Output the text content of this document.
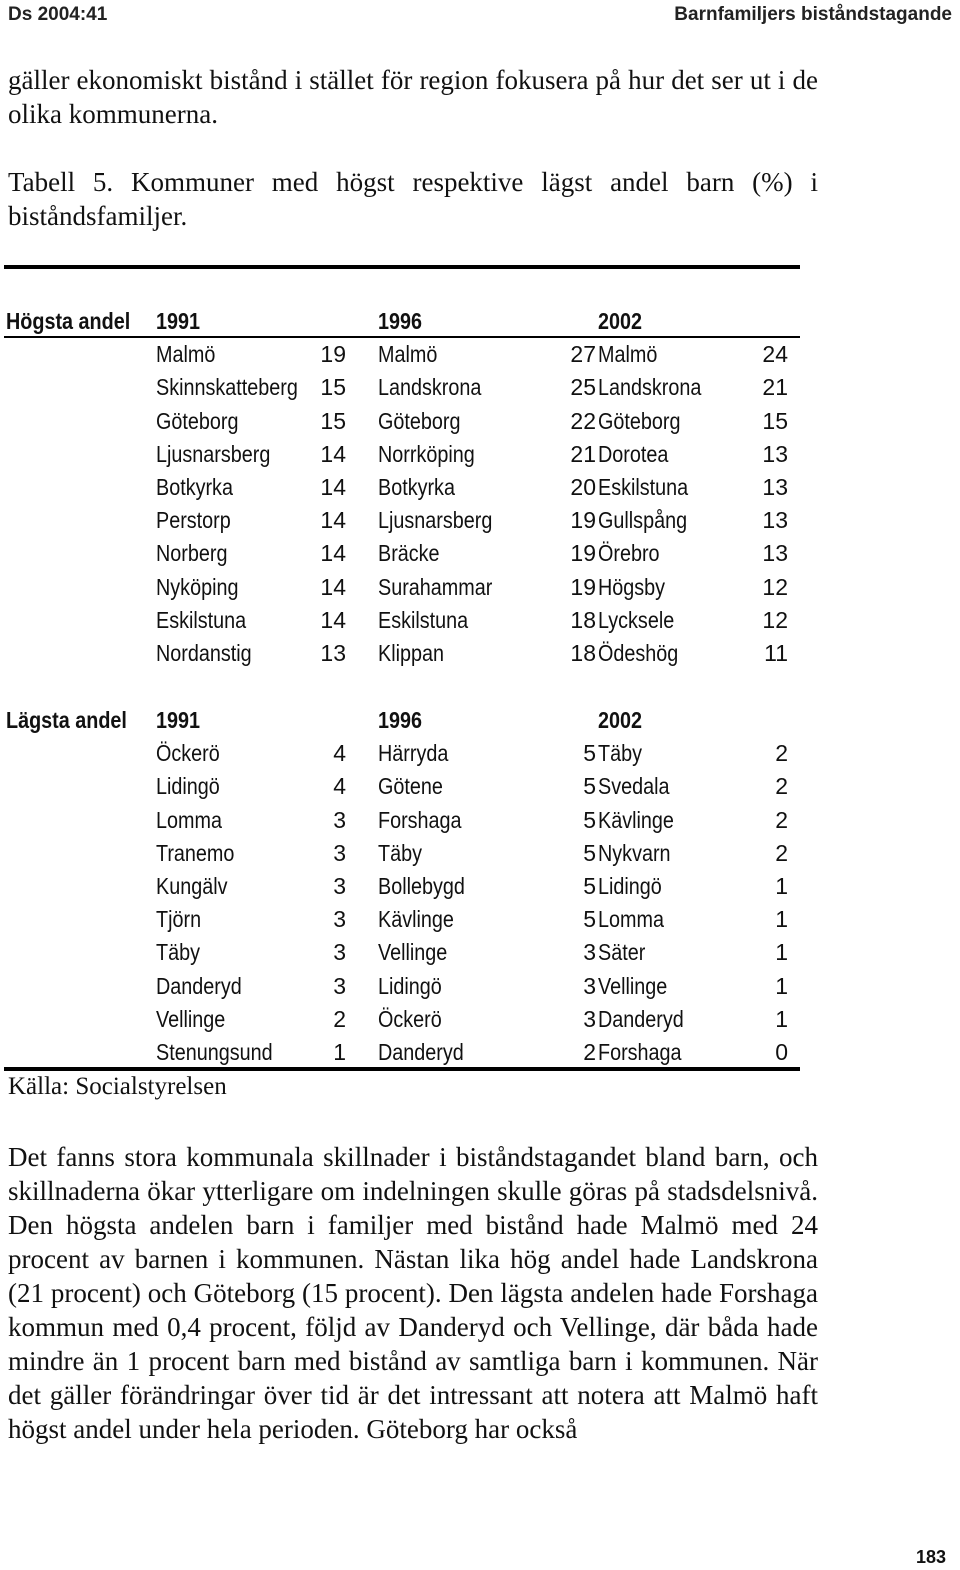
Ds 2004:41	Barnfamiljers biståndstagande

gäller ekonomiskt bistånd i stället för region fokusera på hur det ser ut i de olika kommunerna.

Tabell 5. Kommuner med högst respektive lägst andel barn (%) i biståndsfamiljer.

Högsta andel 1991	1996	2002
Malmö	19 Malmö	27 Malmö	24
Skinnskatteberg 15 Landskrona	25 Landskrona	21
Göteborg	15 Göteborg	22 Göteborg	15
Ljusnarsberg	14 Norrköping	21 Dorotea	13
Botkyrka	14 Botkyrka	20 Eskilstuna	13
Perstorp	14 Ljusnarsberg	19 Gullspång	13
Norberg	14 Bräcke	19 Örebro	13
Nyköping	14 Surahammar	19 Högsby	12
Eskilstuna	14 Eskilstuna	18 Lycksele	12
Nordanstig	13 Klippan	18 Ödeshög	11
Lägsta andel 1991	1996	2002
Öckerö	4 Härryda	5 Täby	2
Lidingö	4 Götene	5 Svedala	2
Lomma	3 Forshaga	5 Kävlinge	2
Tranemo	3 Täby	5 Nykvarn	2
Kungälv	3 Bollebygd	5 Lidingö	1
Tjörn	3 Kävlinge	5 Lomma	1
Täby	3 Vellinge	3 Säter	1
Danderyd	3 Lidingö	3 Vellinge	1
Vellinge	2 Öckerö	3 Danderyd	1
Stenungsund	1 Danderyd	2 Forshaga	0
Källa: Socialstyrelsen

Det fanns stora kommunala skillnader i biståndstagandet bland barn, och skillnaderna ökar ytterligare om indelningen skulle göras på stadsdelsnivå. Den högsta andelen barn i familjer med bistånd hade Malmö med 24 procent av barnen i kommunen. Nästan lika hög andel hade Landskrona (21 procent) och Göteborg (15 procent). Den lägsta andelen hade Forshaga kommun med 0,4 procent, följd av Danderyd och Vellinge, där båda hade mindre än 1 procent barn med bistånd av samtliga barn i kommunen. När det gäller förändringar över tid är det intressant att notera att Malmö haft högst andel under hela perioden. Göteborg har också

183
